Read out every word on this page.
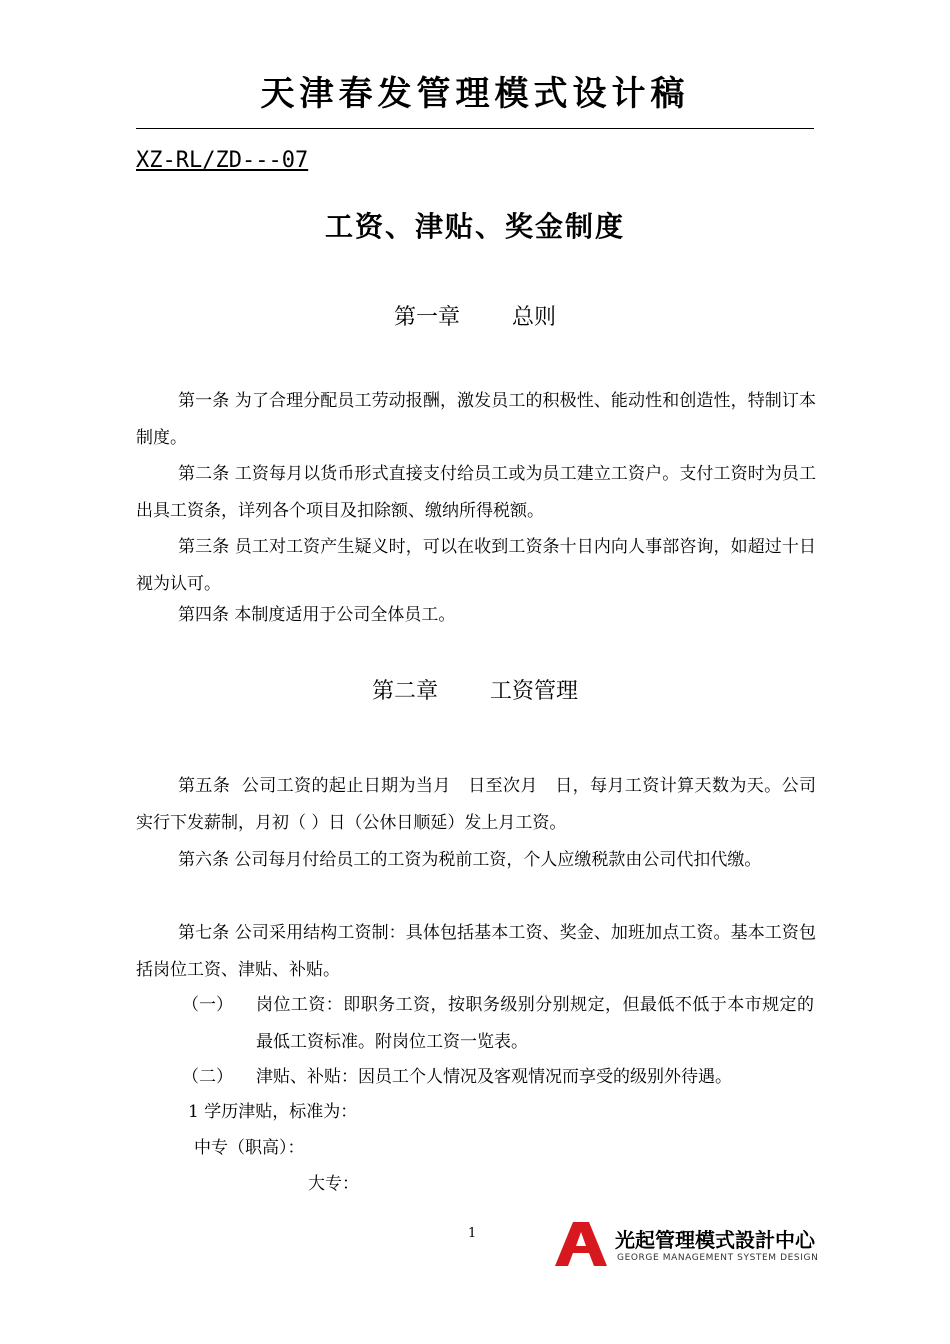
天津春发管理模式设计稿
XZ-RL/ZD---07
工资、津贴、奖金制度
第一章 总则
第一条 为了合理分配员工劳动报酬，激发员工的积极性、能动性和创造性，特制订本制度。
第二条 工资每月以货币形式直接支付给员工或为员工建立工资户。支付工资时为员工出具工资条，详列各个项目及扣除额、缴纳所得税额。
第三条 员工对工资产生疑义时，可以在收到工资条十日内向人事部咨询，如超过十日视为认可。
第四条 本制度适用于公司全体员工。
第二章 工资管理
第五条  公司工资的起止日期为当月   日至次月   日，每月工资计算天数为天。公司实行下发薪制，月初（ ）日（公休日顺延）发上月工资。
第六条 公司每月付给员工的工资为税前工资，个人应缴税款由公司代扣代缴。
第七条 公司采用结构工资制：具体包括基本工资、奖金、加班加点工资。基本工资包括岗位工资、津贴、补贴。
（一） 岗位工资：即职务工资，按职务级别分别规定，但最低不低于本市规定的最低工资标准。附岗位工资一览表。
（二） 津贴、补贴：因员工个人情况及客观情况而享受的级别外待遇。
1 学历津贴，标准为：
中专（职高）：
大专：
1	光起管理模式設計中心
GEORGE MANAGEMENT SYSTEM DESIGN
